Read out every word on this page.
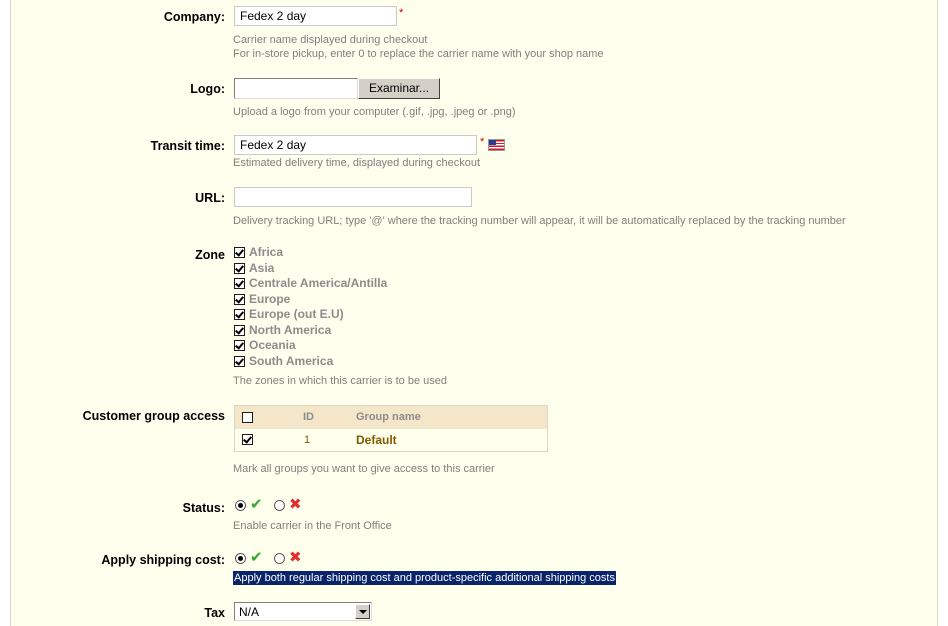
Company:
Fedex 2 day	*
Carrier name displayed during checkout
For in-store pickup, enter 0 to replace the carrier name with your shop name
Logo:	Examinar...
Upload a logo from your computer (.gif, .jpg, .jpeg or .png)
Transit time:
Fedex 2 day	*
Estimated delivery time, displayed during checkout
URL:
Delivery tracking URL; type '@' where the tracking number will appear, it will be automatically replaced by the tracking number
Zone Africa
Asia
Centrale America/Antilla
Europe
Europe (out E.U)
North America
Oceania
South America
The zones in which this carrier is to be used
Customer group access	ID	Group name
1	Default
Mark all groups you want to give access to this carrier
Status: ✔ ✖
Enable carrier in the Front Office
Apply shipping cost: ✔ ✖
Apply both regular shipping cost and product-specific additional shipping costs
Tax N/A
